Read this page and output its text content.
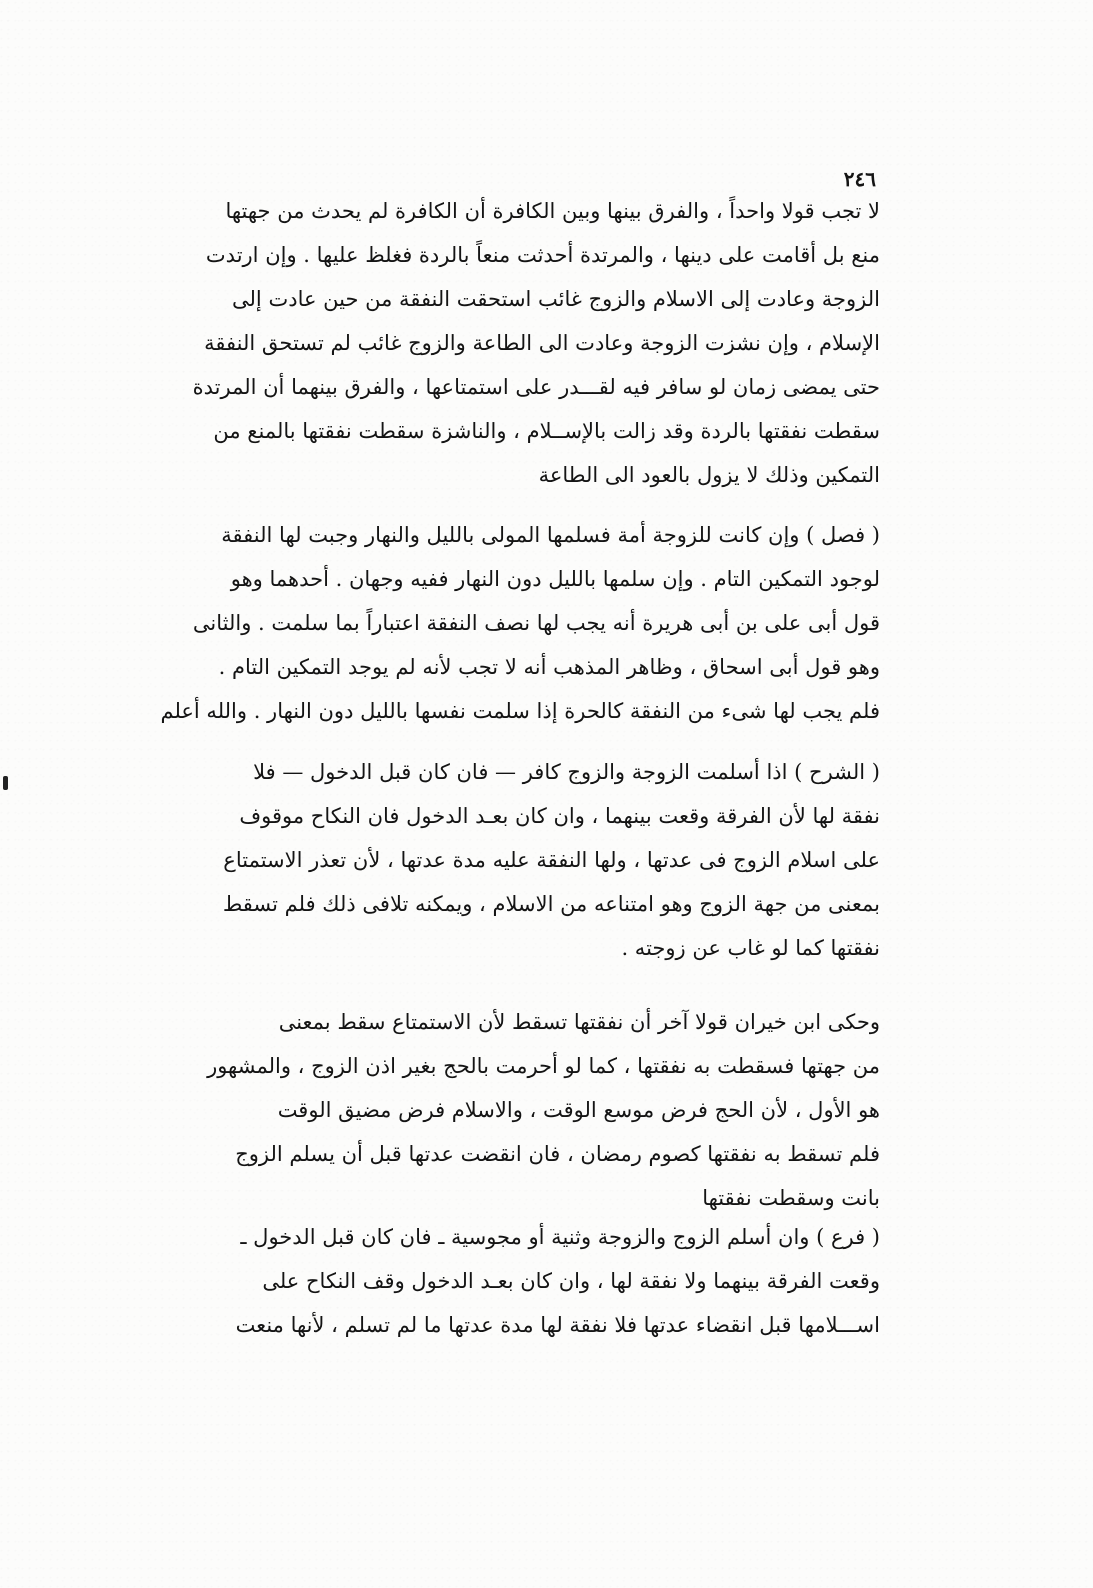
٢٤٦
لا تجب قولا واحداً ، والفرق بينها وبين الكافرة أن الكافرة لم يحدث من جهتها
منع بل أقامت على دينها ، والمرتدة أحدثت منعاً بالردة فغلظ عليها . وإن ارتدت
الزوجة وعادت إلى الاسلام والزوج غائب استحقت النفقة من حين عادت إلى
الإسلام ، وإن نشزت الزوجة وعادت الى الطاعة والزوج غائب لم تستحق النفقة
حتى يمضى زمان لو سافر فيه لقـــدر على استمتاعها ، والفرق بينهما أن المرتدة
سقطت نفقتها بالردة وقد زالت بالإســلام ، والناشزة سقطت نفقتها بالمنع من
التمكين وذلك لا يزول بالعود الى الطاعة
( فصل ) وإن كانت للزوجة أمة فسلمها المولى بالليل والنهار وجبت لها النفقة
لوجود التمكين التام . وإن سلمها بالليل دون النهار ففيه وجهان . أحدهما وهو
قول أبى على بن أبى هريرة أنه يجب لها نصف النفقة اعتباراً بما سلمت . والثانى
وهو قول أبى اسحاق ، وظاهر المذهب أنه لا تجب لأنه لم يوجد التمكين التام .
فلم يجب لها شىء من النفقة كالحرة إذا سلمت نفسها بالليل دون النهار . والله أعلم
( الشرح ) اذا أسلمت الزوجة والزوج كافر — فان كان قبل الدخول — فلا
نفقة لها لأن الفرقة وقعت بينهما ، وان كان بعـد الدخول فان النكاح موقوف
على اسلام الزوج فى عدتها ، ولها النفقة عليه مدة عدتها ، لأن تعذر الاستمتاع
بمعنى من جهة الزوج وهو امتناعه من الاسلام ، ويمكنه تلافى ذلك فلم تسقط
نفقتها كما لو غاب عن زوجته .
وحكى ابن خيران قولا آخر أن نفقتها تسقط لأن الاستمتاع سقط بمعنى
من جهتها فسقطت به نفقتها ، كما لو أحرمت بالحج بغير اذن الزوج ، والمشهور
هو الأول ، لأن الحج فرض موسع الوقت ، والاسلام فرض مضيق الوقت
فلم تسقط به نفقتها كصوم رمضان ، فان انقضت عدتها قبل أن يسلم الزوج
بانت وسقطت نفقتها
( فرع ) وان أسلم الزوج والزوجة وثنية أو مجوسية ـ فان كان قبل الدخول ـ
وقعت الفرقة بينهما ولا نفقة لها ، وان كان بعـد الدخول وقف النكاح على
اســـلامها قبل انقضاء عدتها فلا نفقة لها مدة عدتها ما لم تسلم ، لأنها منعت
